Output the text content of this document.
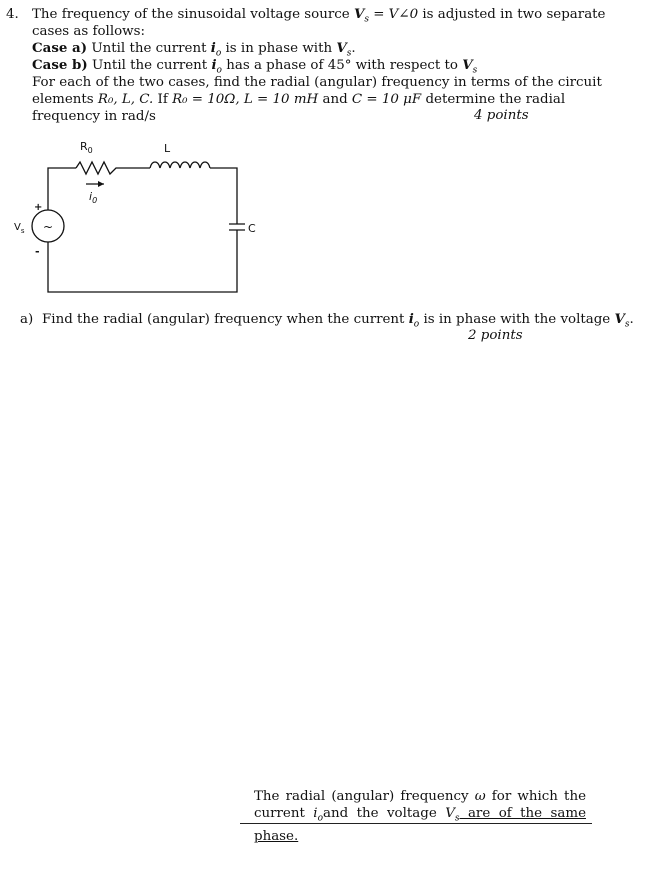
4. The frequency of the sinusoidal voltage source $V_s$ = V∠0 is adjusted in two separate
cases as follows:
Case a) Until the current $i_o$ is in phase with $V_s$.
Case b) Until the current $i_o$ has a phase of 45° with respect to $V_s$
For each of the two cases, find the radial (angular) frequency in terms of the circuit
elements R₀, L, C. If R₀ = 10Ω, L = 10 mH and C = 10 μF determine the radial
frequency in rad/s	4 points
$R_0$	L
C
$i_0$
$V_s$
+
-
~
a) Find the radial (angular) frequency when the current $i_o$ is in phase with the voltage $V_s$.
2 points
The radial (angular) frequency ω for which the current $i_oand$ the voltage $V_s$ are of the same phase.
